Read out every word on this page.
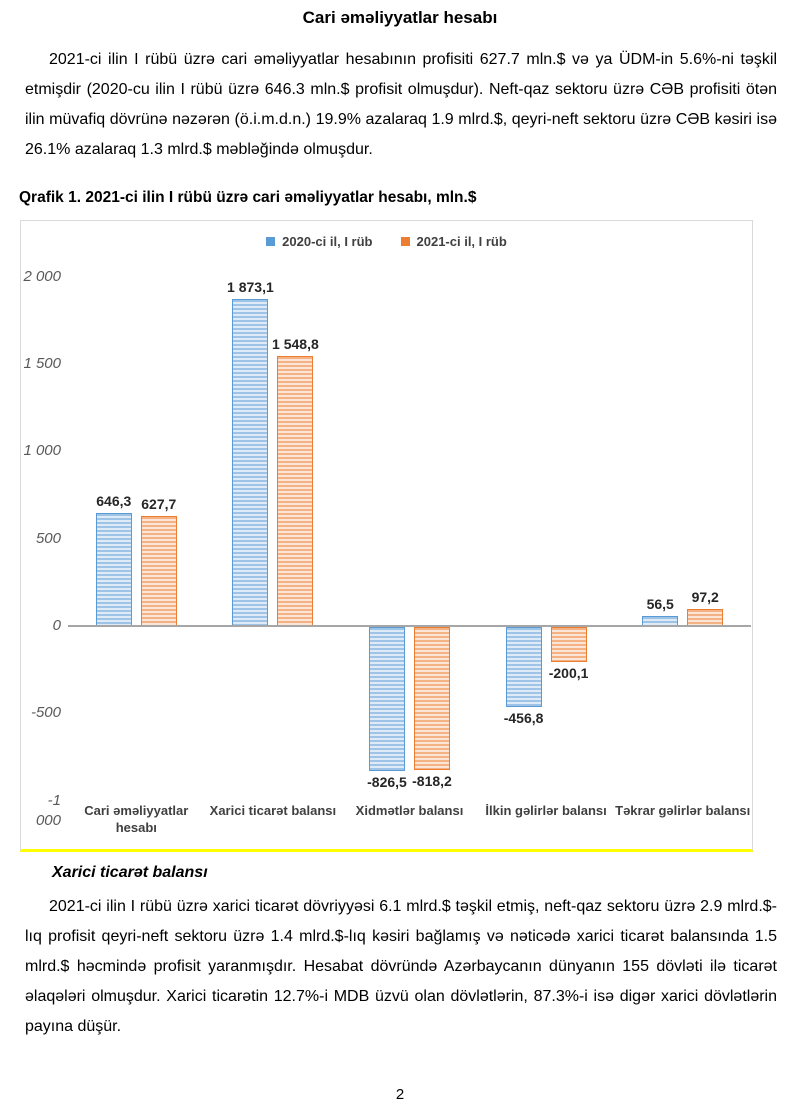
Cari əməliyyatlar hesabı

2021-ci ilin I rübü üzrə cari əməliyyatlar hesabının profisiti 627.7 mln.$ və ya ÜDM-in 5.6%-ni təşkil etmişdir (2020-cu ilin I rübü üzrə 646.3 mln.$ profisit olmuşdur). Neft-qaz sektoru üzrə CƏB profisiti ötən ilin müvafiq dövrünə nəzərən (ö.i.m.d.n.) 19.9% azalaraq 1.9 mlrd.$, qeyri-neft sektoru üzrə CƏB kəsiri isə 26.1% azalaraq 1.3 mlrd.$ məbləğində olmuşdur.

Qrafik 1. 2021-ci ilin I rübü üzrə cari əməliyyatlar hesabı, mln.$
2020-ci il, I rüb	2021-ci il, I rüb
2 000
1 500
1 000
500
0
-500
-1 000
646,3
1 873,1
-826,5
-456,8
56,5
627,7
1 548,8
-818,2
-200,1
97,2
Cari əməliyyatlar hesabı
Xarici ticarət balansı	Xidmətlər balansı	İlkin gəlirlər balansı Təkrar gəlirlər balansı
Xarici ticarət balansı

2021-ci ilin I rübü üzrə xarici ticarət dövriyyəsi 6.1 mlrd.$ təşkil etmiş, neft-qaz sektoru üzrə 2.9 mlrd.$-lıq profisit qeyri-neft sektoru üzrə 1.4 mlrd.$-lıq kəsiri bağlamış və nəticədə xarici ticarət balansında 1.5 mlrd.$ həcmində profisit yaranmışdır. Hesabat dövründə Azərbaycanın dünyanın 155 dövləti ilə ticarət əlaqələri olmuşdur. Xarici ticarətin 12.7%-i MDB üzvü olan dövlətlərin, 87.3%-i isə digər xarici dövlətlərin payına düşür.

2
